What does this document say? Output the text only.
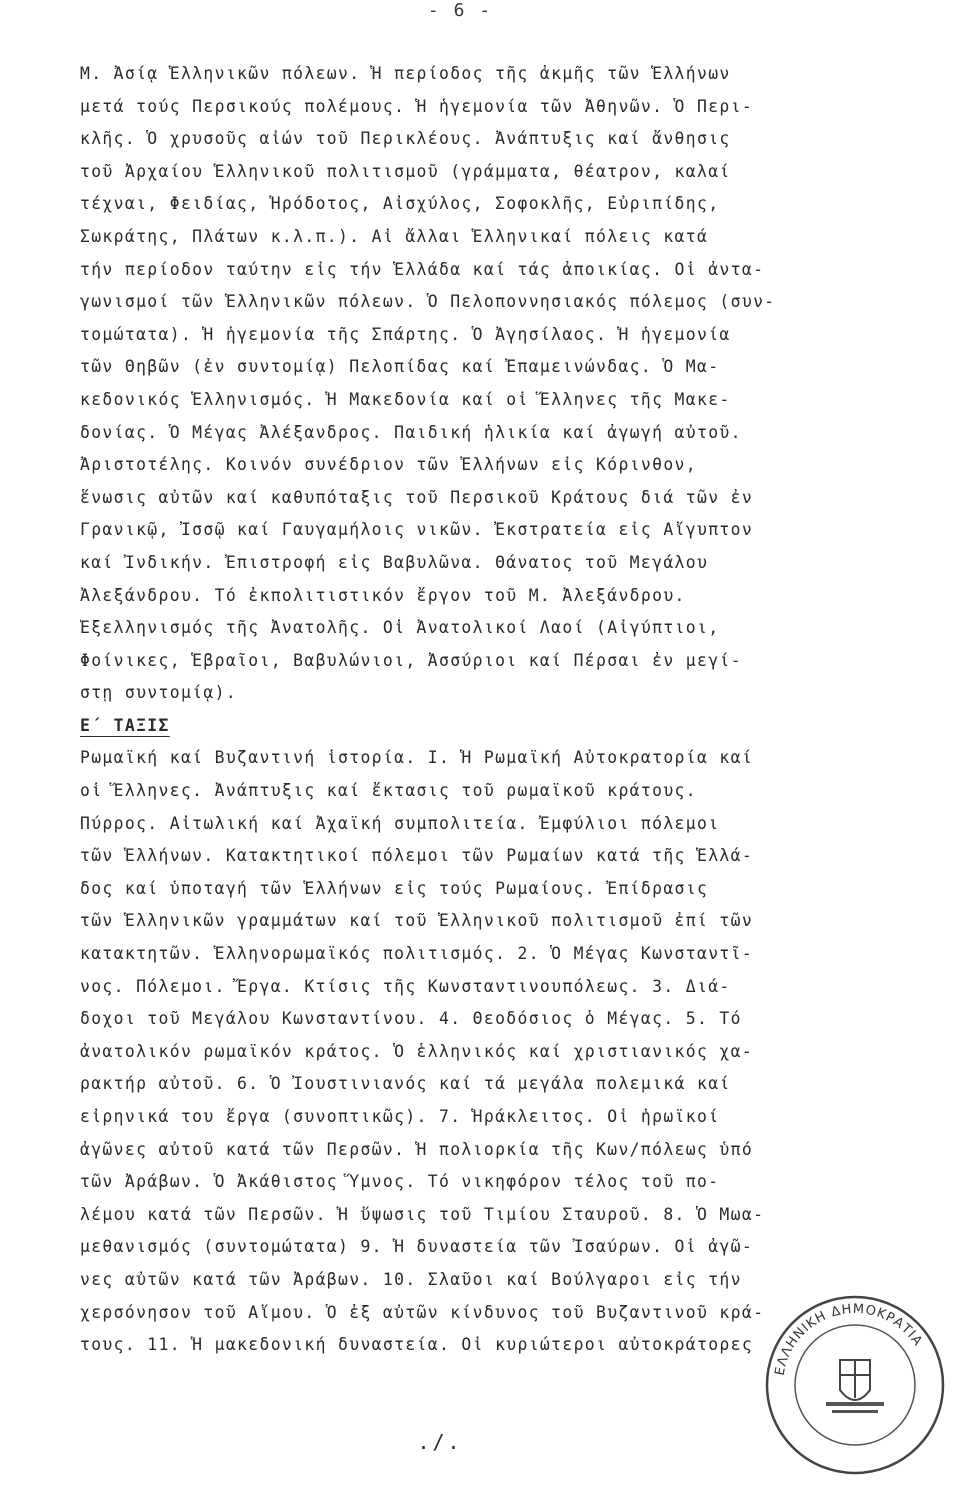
- 6 -
Μ. Ἀσίᾳ Ἑλληνικῶν πόλεων. Ἡ περίοδος τῆς ἀκμῆς τῶν Ἑλλήνων
μετά τούς Περσικούς πολέμους. Ἡ ἡγεμονία τῶν Ἀθηνῶν. Ὁ Περι-
κλῆς. Ὁ χρυσοῦς αἰών τοῦ Περικλέους. Ἀνάπτυξις καί ἄνθησις
τοῦ Ἀρχαίου Ἑλληνικοῦ πολιτισμοῦ (γράμματα, θέατρον, καλαί
τέχναι, Φειδίας, Ἡρόδοτος, Αἰσχύλος, Σοφοκλῆς, Εὐριπίδης,
Σωκράτης, Πλάτων κ.λ.π.). Αἱ ἄλλαι Ἑλληνικαί πόλεις κατά
τήν περίοδον ταύτην εἰς τήν Ἑλλάδα καί τάς ἀποικίας. Οἱ ἀντα-
γωνισμοί τῶν Ἑλληνικῶν πόλεων. Ὁ Πελοποννησιακός πόλεμος (συν-
τομώτατα). Ἡ ἡγεμονία τῆς Σπάρτης. Ὁ Ἀγησίλαος. Ἡ ἡγεμονία
τῶν Θηβῶν (ἐν συντομίᾳ) Πελοπίδας καί Ἐπαμεινώνδας. Ὁ Μα-
κεδονικός Ἑλληνισμός. Ἡ Μακεδονία καί οἱ Ἕλληνες τῆς Μακε-
δονίας. Ὁ Μέγας Ἀλέξανδρος. Παιδική ἡλικία καί ἀγωγή αὐτοῦ.
Ἀριστοτέλης. Κοινόν συνέδριον τῶν Ἑλλήνων εἰς Κόρινθον,
ἕνωσις αὐτῶν καί καθυπόταξις τοῦ Περσικοῦ Κράτους διά τῶν ἐν
Γρανικῷ, Ἰσσῷ καί Γαυγαμήλοις νικῶν. Ἐκστρατεία εἰς Αἴγυπτον
καί Ἰνδικήν. Ἐπιστροφή εἰς Βαβυλῶνα. Θάνατος τοῦ Μεγάλου
Ἀλεξάνδρου. Τό ἐκπολιτιστικόν ἔργον τοῦ Μ. Ἀλεξάνδρου.
Ἐξελληνισμός τῆς Ἀνατολῆς. Οἱ Ἀνατολικοί Λαοί (Αἰγύπτιοι,
Φοίνικες, Ἑβραῖοι, Βαβυλώνιοι, Ἀσσύριοι καί Πέρσαι ἐν μεγί-
στῃ συντομίᾳ).
Ε΄ ΤΑΞΙΣ
Ρωμαϊκή καί Βυζαντινή ἱστορία. Ι. Ἡ Ρωμαϊκή Αὐτοκρατορία καί
οἱ Ἕλληνες. Ἀνάπτυξις καί ἔκτασις τοῦ ρωμαϊκοῦ κράτους.
Πύρρος. Αἰτωλική καί Ἀχαϊκή συμπολιτεία. Ἐμφύλιοι πόλεμοι
τῶν Ἑλλήνων. Κατακτητικοί πόλεμοι τῶν Ρωμαίων κατά τῆς Ἑλλά-
δος καί ὑποταγή τῶν Ἑλλήνων εἰς τούς Ρωμαίους. Ἐπίδρασις
τῶν Ἑλληνικῶν γραμμάτων καί τοῦ Ἑλληνικοῦ πολιτισμοῦ ἐπί τῶν
κατακτητῶν. Ἑλληνορωμαϊκός πολιτισμός. 2. Ὁ Μέγας Κωνσταντῖ-
νος. Πόλεμοι. Ἔργα. Κτίσις τῆς Κωνσταντινουπόλεως. 3. Διά-
δοχοι τοῦ Μεγάλου Κωνσταντίνου. 4. Θεοδόσιος ὁ Μέγας. 5. Τό
ἀνατολικόν ρωμαϊκόν κράτος. Ὁ ἑλληνικός καί χριστιανικός χα-
ρακτήρ αὐτοῦ. 6. Ὁ Ἰουστινιανός καί τά μεγάλα πολεμικά καί
εἰρηνικά του ἔργα (συνοπτικῶς). 7. Ἡράκλειτος. Οἱ ἡρωϊκοί
ἀγῶνες αὐτοῦ κατά τῶν Περσῶν. Ἡ πολιορκία τῆς Κων/πόλεως ὑπό
τῶν Ἀράβων. Ὁ Ἀκάθιστος Ὕμνος. Τό νικηφόρον τέλος τοῦ πο-
λέμου κατά τῶν Περσῶν. Ἡ ὕψωσις τοῦ Τιμίου Σταυροῦ. 8. Ὁ Μωα-
μεθανισμός (συντομώτατα) 9. Ἡ δυναστεία τῶν Ἰσαύρων. Οἱ ἀγῶ-
νες αὐτῶν κατά τῶν Ἀράβων. 10. Σλαῦοι καί Βούλγαροι εἰς τήν
χερσόνησον τοῦ Αἵμου. Ὁ ἐξ αὐτῶν κίνδυνος τοῦ Βυζαντινοῦ κρά-
τους. 11. Ἡ μακεδονική δυναστεία. Οἱ κυριώτεροι αὐτοκράτορες
./.
ΕΛΛΗΝΙΚΗ ΔΗΜΟΚΡΑΤΙΑ
